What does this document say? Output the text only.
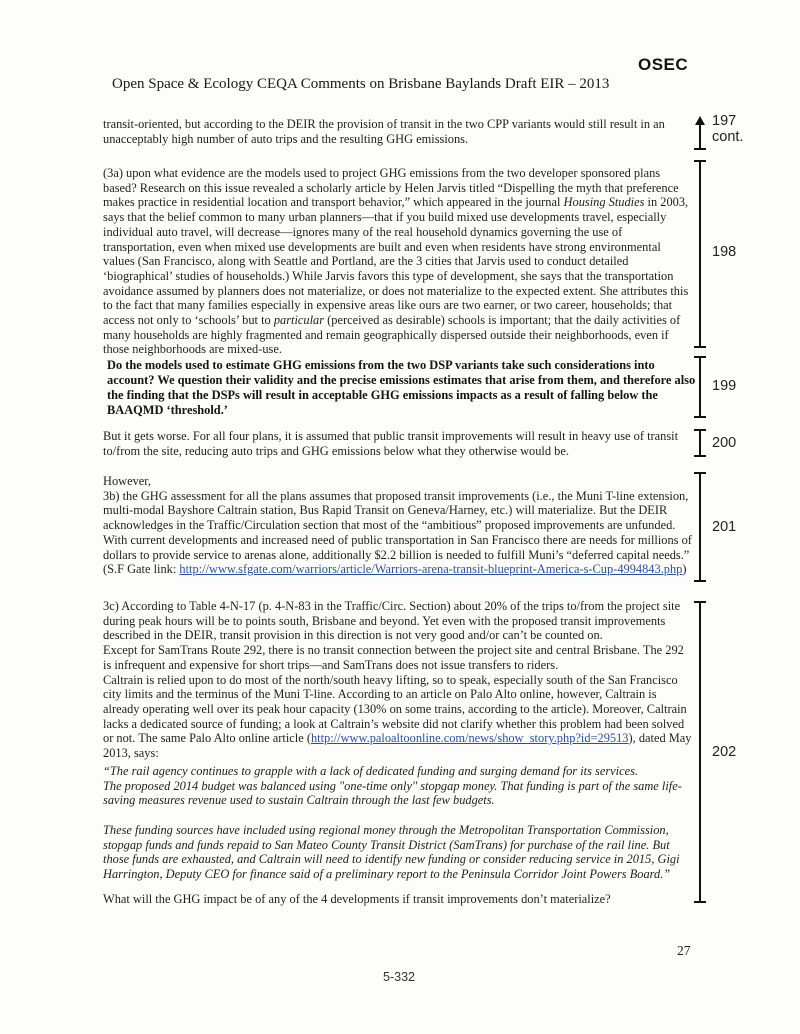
OSEC
Open Space & Ecology CEQA Comments on Brisbane Baylands Draft EIR – 2013
transit-oriented, but according to the DEIR the provision of transit in the two CPP variants would still result in an unacceptably high number of auto trips and the resulting GHG emissions.
(3a) upon what evidence are the models used to project GHG emissions from the two developer sponsored plans based? Research on this issue revealed a scholarly article by Helen Jarvis titled “Dispelling the myth that preference makes practice in residential location and transport behavior,” which appeared in the journal Housing Studies in 2003, says that the belief common to many urban planners—that if you build mixed use developments travel, especially individual auto travel, will decrease—ignores many of the real household dynamics governing the use of transportation, even when mixed use developments are built and even when residents have strong environmental values (San Francisco, along with Seattle and Portland, are the 3 cities that Jarvis used to conduct detailed ‘biographical’ studies of households.) While Jarvis favors this type of development, she says that the transportation avoidance assumed by planners does not materialize, or does not materialize to the expected extent. She attributes this to the fact that many families especially in expensive areas like ours are two earner, or two career, households; that access not only to ‘schools’ but to particular (perceived as desirable) schools is important; that the daily activities of many households are highly fragmented and remain geographically dispersed outside their neighborhoods, even if those neighborhoods are mixed-use.
Do the models used to estimate GHG emissions from the two DSP variants take such considerations into account? We question their validity and the precise emissions estimates that arise from them, and therefore also the finding that the DSPs will result in acceptable GHG emissions impacts as a result of falling below the BAAQMD ‘threshold.’
But it gets worse. For all four plans, it is assumed that public transit improvements will result in heavy use of transit to/from the site, reducing auto trips and GHG emissions below what they otherwise would be.
However,
3b) the GHG assessment for all the plans assumes that proposed transit improvements (i.e., the Muni T-line extension, multi-modal Bayshore Caltrain station, Bus Rapid Transit on Geneva/Harney, etc.) will materialize. But the DEIR acknowledges in the Traffic/Circulation section that most of the “ambitious” proposed improvements are unfunded. With current developments and increased need of public transportation in San Francisco there are needs for millions of dollars to provide service to arenas alone, additionally $2.2 billion is needed to fulfill Muni’s “deferred capital needs.” (S.F Gate link: http://www.sfgate.com/warriors/article/Warriors-arena-transit-blueprint-America-s-Cup-4994843.php)
3c) According to Table 4-N-17 (p. 4-N-83 in the Traffic/Circ. Section) about 20% of the trips to/from the project site during peak hours will be to points south, Brisbane and beyond. Yet even with the proposed transit improvements described in the DEIR, transit provision in this direction is not very good and/or can’t be counted on.
Except for SamTrans Route 292, there is no transit connection between the project site and central Brisbane. The 292 is infrequent and expensive for short trips—and SamTrans does not issue transfers to riders.
Caltrain is relied upon to do most of the north/south heavy lifting, so to speak, especially south of the San Francisco city limits and the terminus of the Muni T-line. According to an article on Palo Alto online, however, Caltrain is already operating well over its peak hour capacity (130% on some trains, according to the article). Moreover, Caltrain lacks a dedicated source of funding; a look at Caltrain’s website did not clarify whether this problem had been solved or not. The same Palo Alto online article (http://www.paloaltoonline.com/news/show_story.php?id=29513), dated May 2013, says:
“The rail agency continues to grapple with a lack of dedicated funding and surging demand for its services.
The proposed 2014 budget was balanced using "one-time only" stopgap money. That funding is part of the same life-saving measures revenue used to sustain Caltrain through the last few budgets.
These funding sources have included using regional money through the Metropolitan Transportation Commission, stopgap funds and funds repaid to San Mateo County Transit District (SamTrans) for purchase of the rail line. But those funds are exhausted, and Caltrain will need to identify new funding or consider reducing service in 2015, Gigi Harrington, Deputy CEO for finance said of a preliminary report to the Peninsula Corridor Joint Powers Board.”
What will the GHG impact be of any of the 4 developments if transit improvements don’t materialize?
197
cont.
198
199
200
201
202
27
5-332
